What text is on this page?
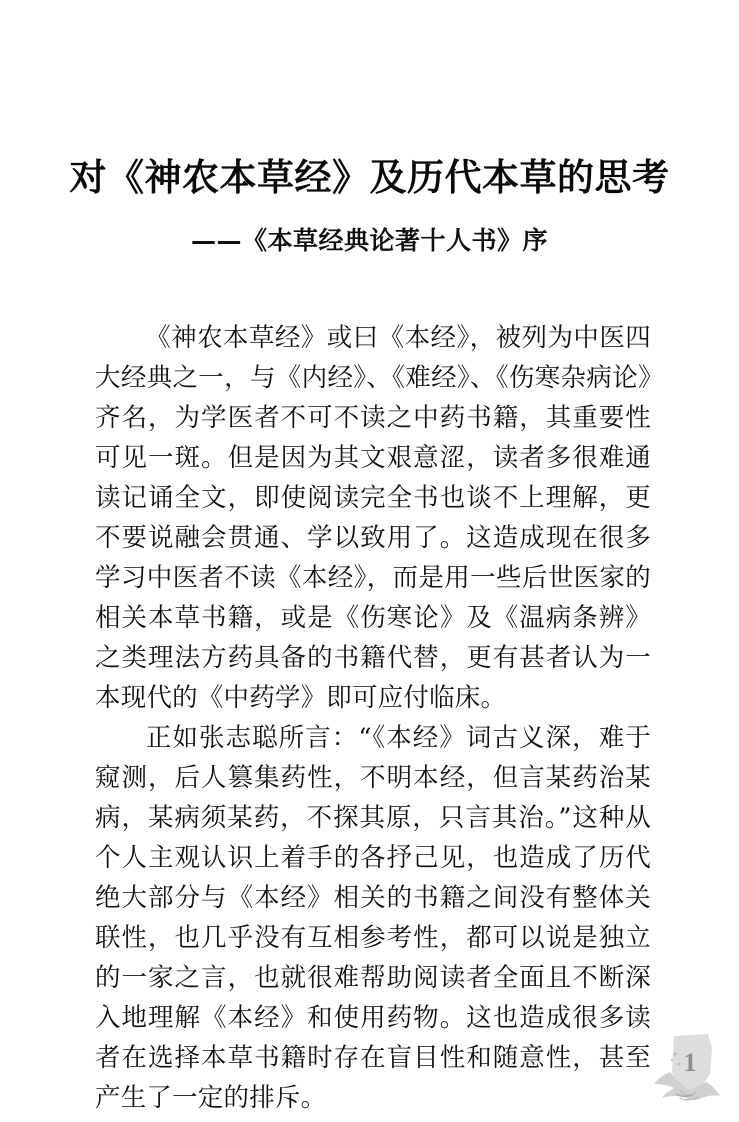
对《神农本草经》及历代本草的思考
——《本草经典论著十人书》序

《神农本草经》或曰《本经》，被列为中医四大经典之一，与《内经》、《难经》、《伤寒杂病论》齐名，为学医者不可不读之中药书籍，其重要性可见一斑。但是因为其文艰意涩，读者多很难通读记诵全文，即使阅读完全书也谈不上理解，更不要说融会贯通、学以致用了。这造成现在很多学习中医者不读《本经》，而是用一些后世医家的相关本草书籍，或是《伤寒论》及《温病条辨》之类理法方药具备的书籍代替，更有甚者认为一本现代的《中药学》即可应付临床。

正如张志聪所言：“《本经》词古义深，难于窥测，后人篡集药性，不明本经，但言某药治某病，某病须某药，不探其原，只言其治。”这种从个人主观认识上着手的各抒己见，也造成了历代绝大部分与《本经》相关的书籍之间没有整体关联性，也几乎没有互相参考性，都可以说是独立的一家之言，也就很难帮助阅读者全面且不断深入地理解《本经》和使用药物。这也造成很多读者在选择本草书籍时存在盲目性和随意性，甚至产生了一定的排斥。

1
